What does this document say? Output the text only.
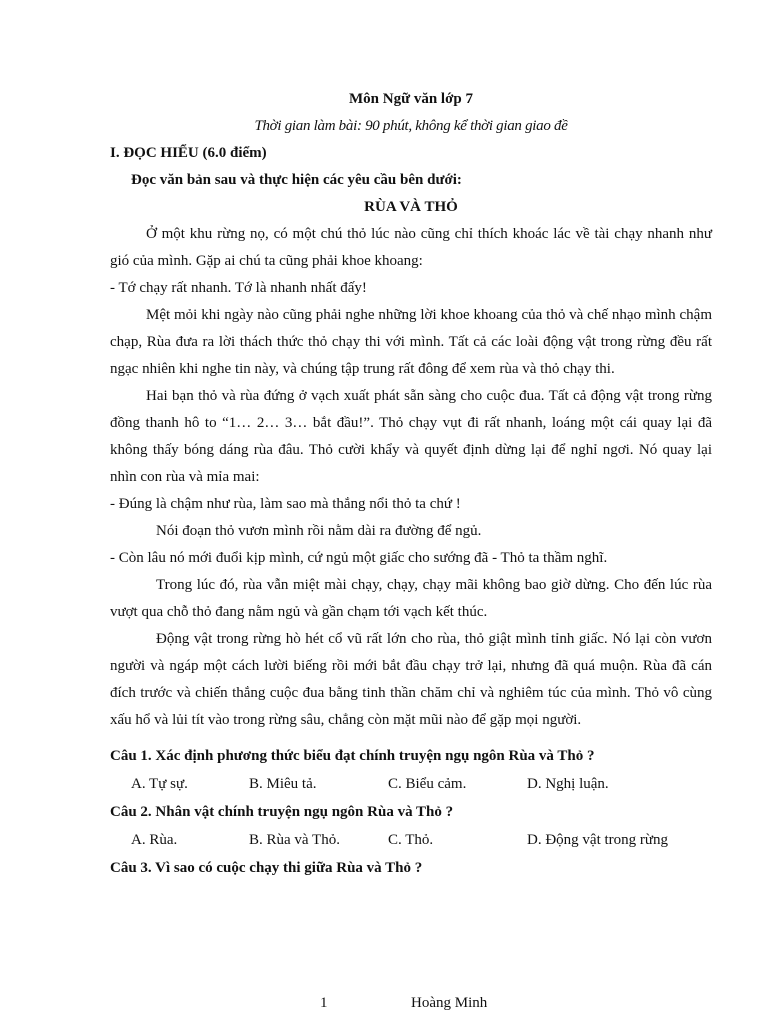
Môn Ngữ văn lớp 7
Thời gian làm bài: 90 phút, không kể thời gian giao đề
I. ĐỌC HIỂU (6.0 điểm)
Đọc văn bản sau và thực hiện các yêu cầu bên dưới:
RÙA VÀ THỎ

Ở một khu rừng nọ, có một chú thỏ lúc nào cũng chỉ thích khoác lác về tài chạy nhanh như gió của mình. Gặp ai chú ta cũng phải khoe khoang:

- Tớ chạy rất nhanh. Tớ là nhanh nhất đấy!

Mệt mỏi khi ngày nào cũng phải nghe những lời khoe khoang của thỏ và chế nhạo mình chậm chạp, Rùa đưa ra lời thách thức thỏ chạy thi với mình. Tất cả các loài động vật trong rừng đều rất ngạc nhiên khi nghe tin này, và chúng tập trung rất đông để xem rùa và thỏ chạy thi.

Hai bạn thỏ và rùa đứng ở vạch xuất phát sẵn sàng cho cuộc đua. Tất cả động vật trong rừng đồng thanh hô to “1… 2… 3… bắt đầu!”. Thỏ chạy vụt đi rất nhanh, loáng một cái quay lại đã không thấy bóng dáng rùa đâu. Thỏ cười khẩy và quyết định dừng lại để nghỉ ngơi. Nó quay lại nhìn con rùa và mỉa mai:

- Đúng là chậm như rùa, làm sao mà thắng nổi thỏ ta chứ !

Nói đoạn thỏ vươn mình rồi nằm dài ra đường để ngủ.

- Còn lâu nó mới đuổi kịp mình, cứ ngủ một giấc cho sướng đã - Thỏ ta thầm nghĩ.

Trong lúc đó, rùa vẫn miệt mài chạy, chạy, chạy mãi không bao giờ dừng. Cho đến lúc rùa vượt qua chỗ thỏ đang nằm ngủ và gần chạm tới vạch kết thúc.

Động vật trong rừng hò hét cổ vũ rất lớn cho rùa, thỏ giật mình tỉnh giấc. Nó lại còn vươn người và ngáp một cách lười biếng rồi mới bắt đầu chạy trở lại, nhưng đã quá muộn. Rùa đã cán đích trước và chiến thắng cuộc đua bằng tinh thần chăm chỉ và nghiêm túc của mình. Thỏ vô cùng xấu hổ và lủi tít vào trong rừng sâu, chẳng còn mặt mũi nào để gặp mọi người.

Câu 1. Xác định phương thức biểu đạt chính truyện ngụ ngôn Rùa và Thỏ ?
A. Tự sự.	B. Miêu tả.	C. Biểu cảm.	D. Nghị luận.
Câu 2. Nhân vật chính truyện ngụ ngôn Rùa và Thỏ ?
A. Rùa.	B. Rùa và Thỏ.	C. Thỏ.	D. Động vật trong rừng
Câu 3. Vì sao có cuộc chạy thi giữa Rùa và Thỏ ?
1	Hoàng Minh
